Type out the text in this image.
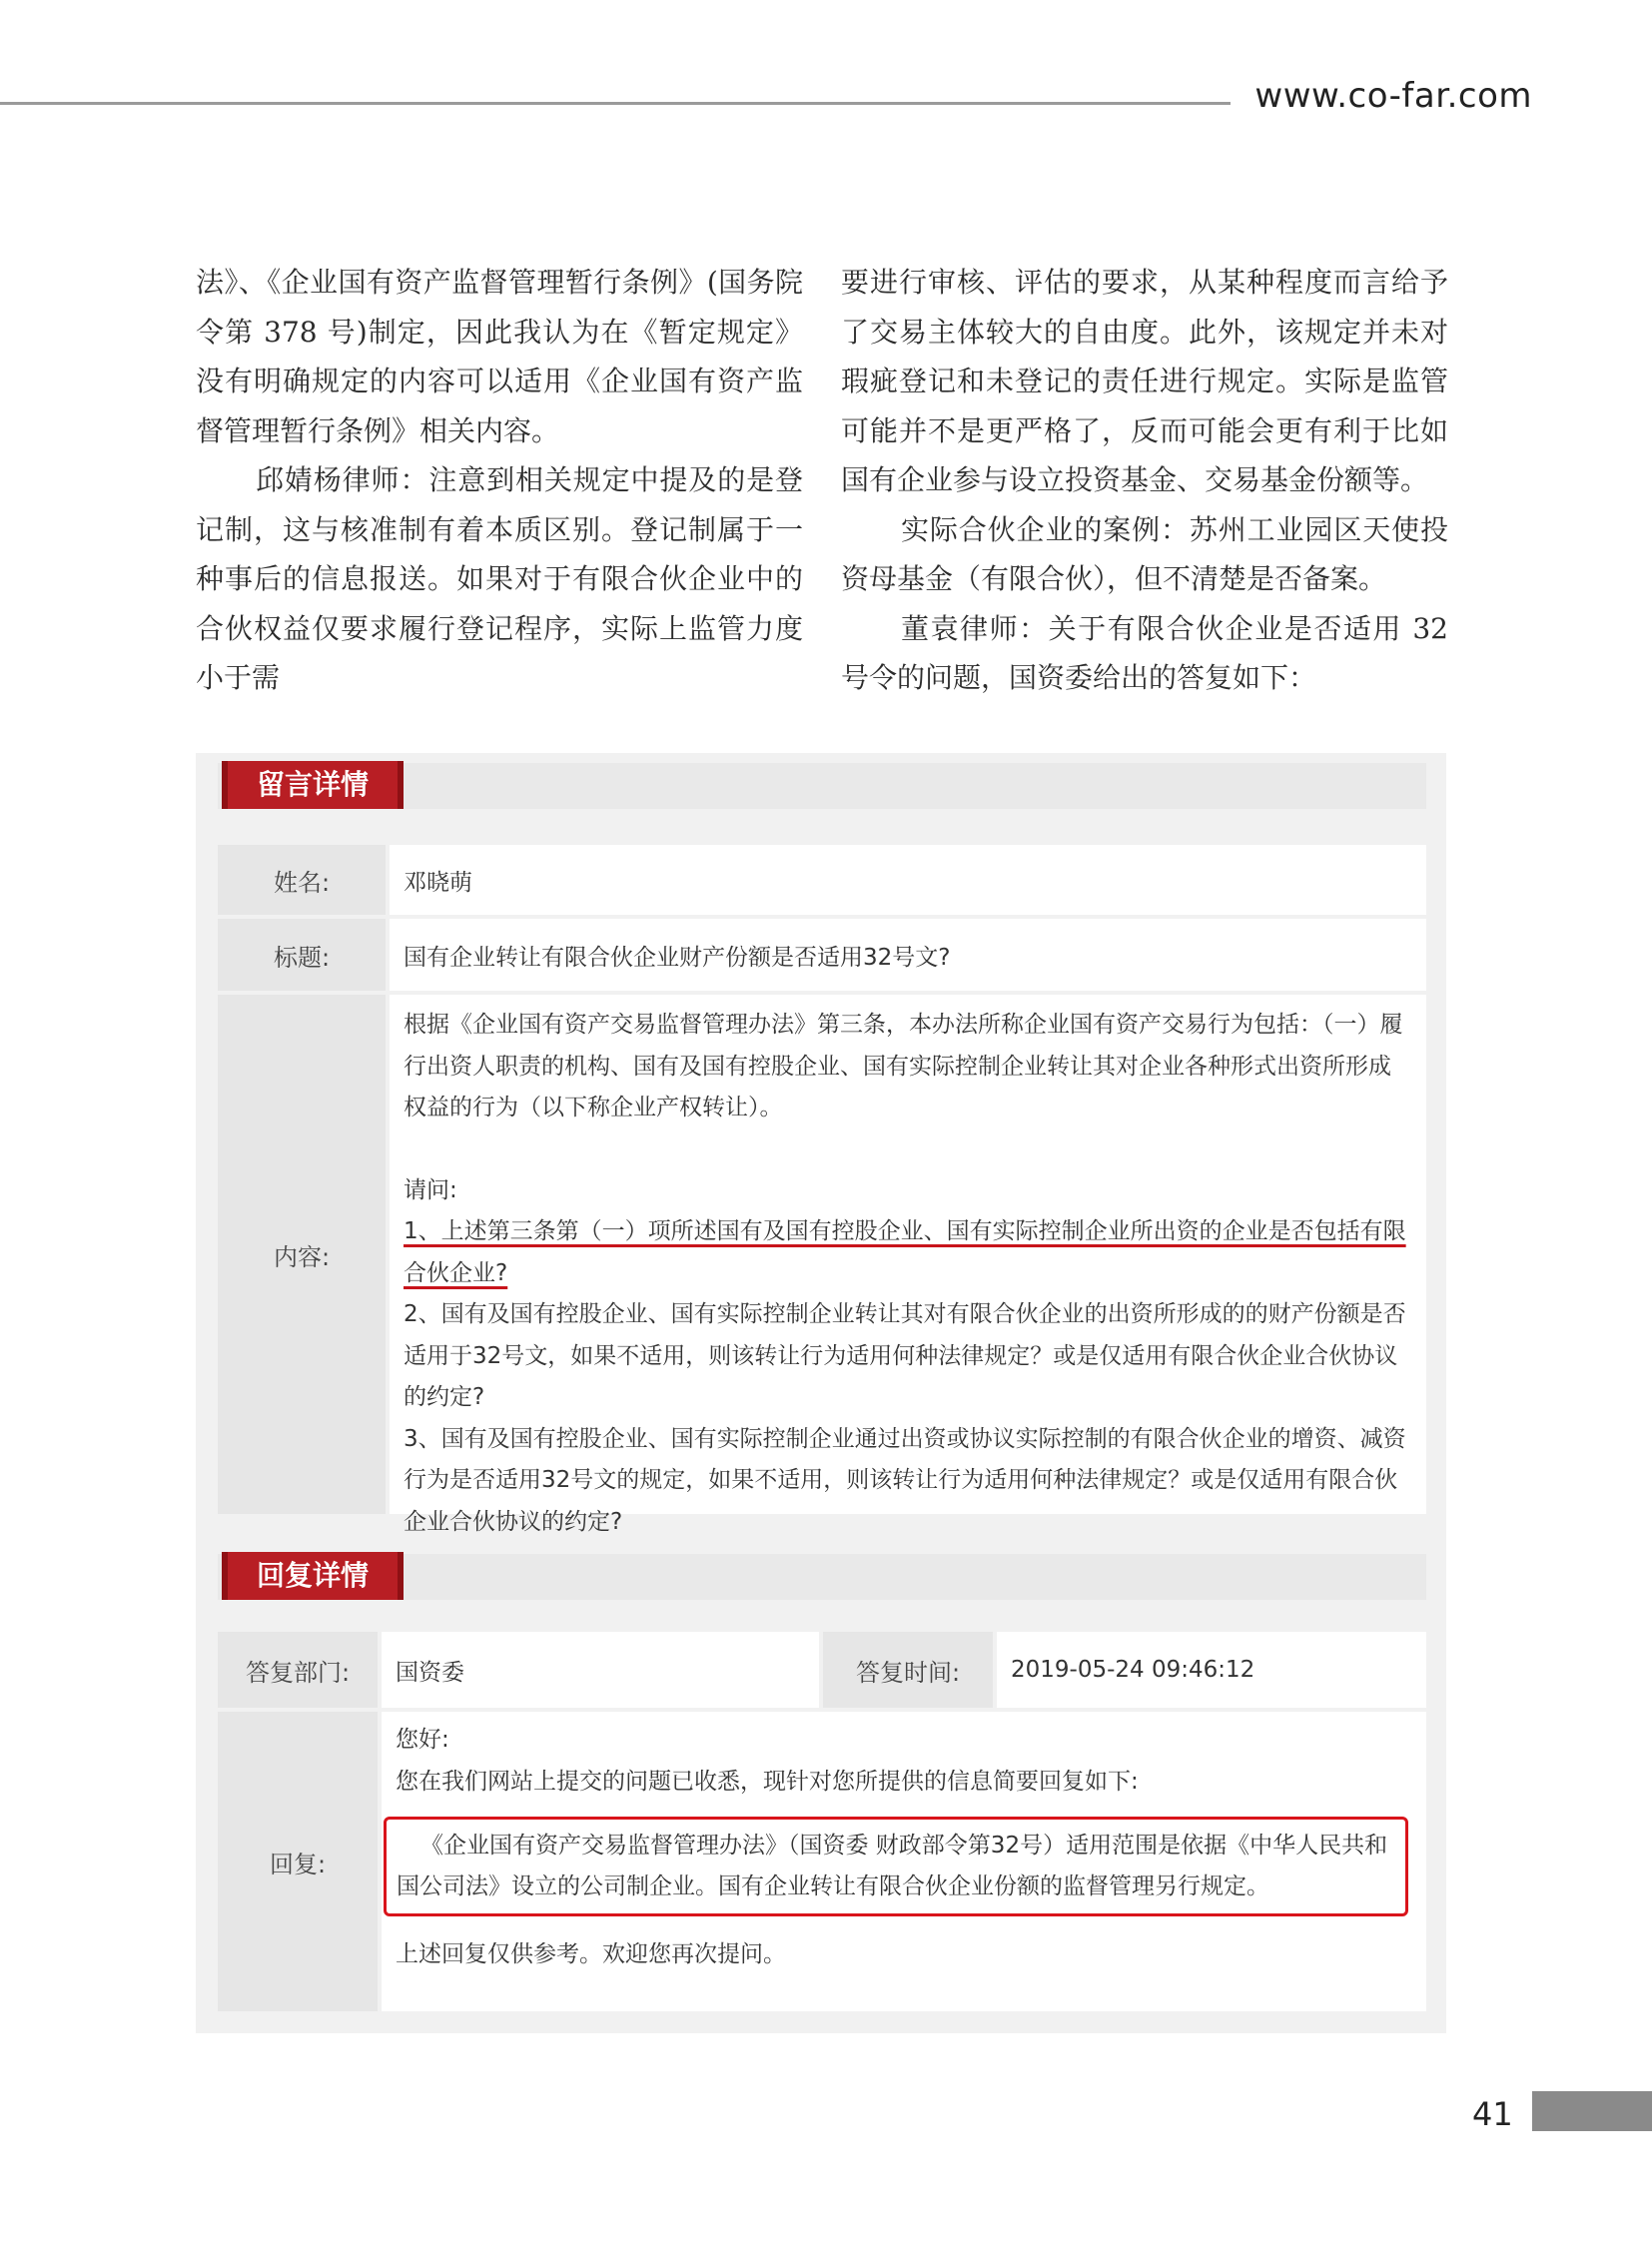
www.co-far.com

法》、《企业国有资产监督管理暂行条例》(国务院令第 378 号)制定，因此我认为在《暂定规定》没有明确规定的内容可以适用《企业国有资产监督管理暂行条例》相关内容。

邱婧杨律师：注意到相关规定中提及的是登记制，这与核准制有着本质区别。登记制属于一种事后的信息报送。如果对于有限合伙企业中的合伙权益仅要求履行登记程序，实际上监管力度小于需

要进行审核、评估的要求，从某种程度而言给予了交易主体较大的自由度。此外，该规定并未对瑕疵登记和未登记的责任进行规定。实际是监管可能并不是更严格了，反而可能会更有利于比如国有企业参与设立投资基金、交易基金份额等。

实际合伙企业的案例：苏州工业园区天使投资母基金（有限合伙），但不清楚是否备案。

董袁律师：关于有限合伙企业是否适用 32 号令的问题，国资委给出的答复如下：

留言详情
姓名:	邓晓萌
标题:	国有企业转让有限合伙企业财产份额是否适用32号文?
内容:

根据《企业国有资产交易监督管理办法》第三条，本办法所称企业国有资产交易行为包括：（一）履行出资人职责的机构、国有及国有控股企业、国有实际控制企业转让其对企业各种形式出资所形成权益的行为（以下称企业产权转让）。

请问:

1、上述第三条第（一）项所述国有及国有控股企业、国有实际控制企业所出资的企业是否包括有限合伙企业?

2、国有及国有控股企业、国有实际控制企业转让其对有限合伙企业的出资所形成的的财产份额是否适用于32号文，如果不适用，则该转让行为适用何种法律规定？或是仅适用有限合伙企业合伙协议的约定?

3、国有及国有控股企业、国有实际控制企业通过出资或协议实际控制的有限合伙企业的增资、减资行为是否适用32号文的规定，如果不适用，则该转让行为适用何种法律规定？或是仅适用有限合伙企业合伙协议的约定?

回复详情
答复部门:	国资委	答复时间:	2019-05-24 09:46:12
回复:

您好:

您在我们网站上提交的问题已收悉，现针对您所提供的信息简要回复如下:

《企业国有资产交易监督管理办法》（国资委 财政部令第32号）适用范围是依据《中华人民共和国公司法》设立的公司制企业。国有企业转让有限合伙企业份额的监督管理另行规定。

上述回复仅供参考。欢迎您再次提问。

41
